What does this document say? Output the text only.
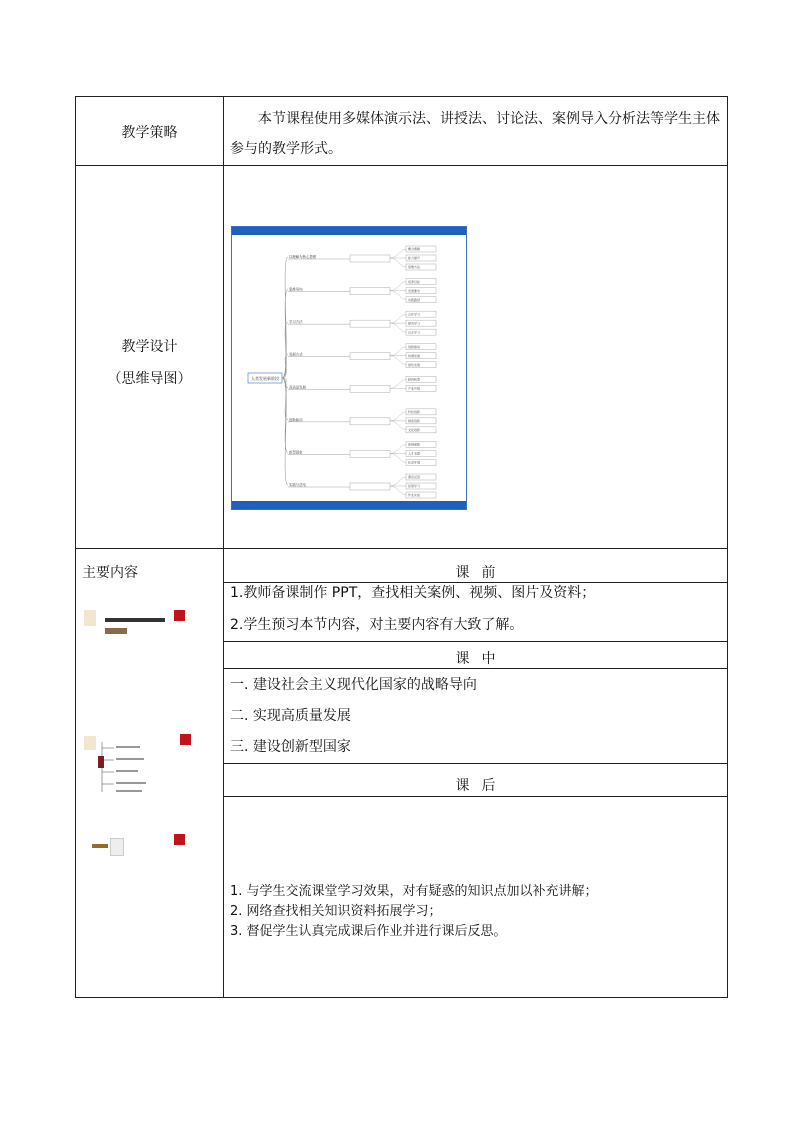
教学策略
本节课程使用多媒体演示法、讲授法、讨论法、案例导入分析法等学生主体参与的教学形式。
教学设计
（思维导图）	人类发展新阶段
以理解为核心思维
概念理解
能力提升
思维方法
思维导向
培养目标
发展要求
实践路径
学习方法
合作学习
探究学习
自主学习
发展方式
创新驱动
协调发展
绿色发展
高质量发展
经济转型
产业升级
创新驱动
科技创新
制度创新
文化创新
新型国家
体制保障
人才支撑
社会环境
实践与总结
课后反思
拓展学习
作业完成
主要内容	课前
1.教师备课制作 PPT，查找相关案例、视频、图片及资料；
2.学生预习本节内容，对主要内容有大致了解。
课中
一. 建设社会主义现代化国家的战略导向
二. 实现高质量发展
三. 建设创新型国家
课后
1. 与学生交流课堂学习效果，对有疑惑的知识点加以补充讲解；
2. 网络查找相关知识资料拓展学习；
3. 督促学生认真完成课后作业并进行课后反思。
